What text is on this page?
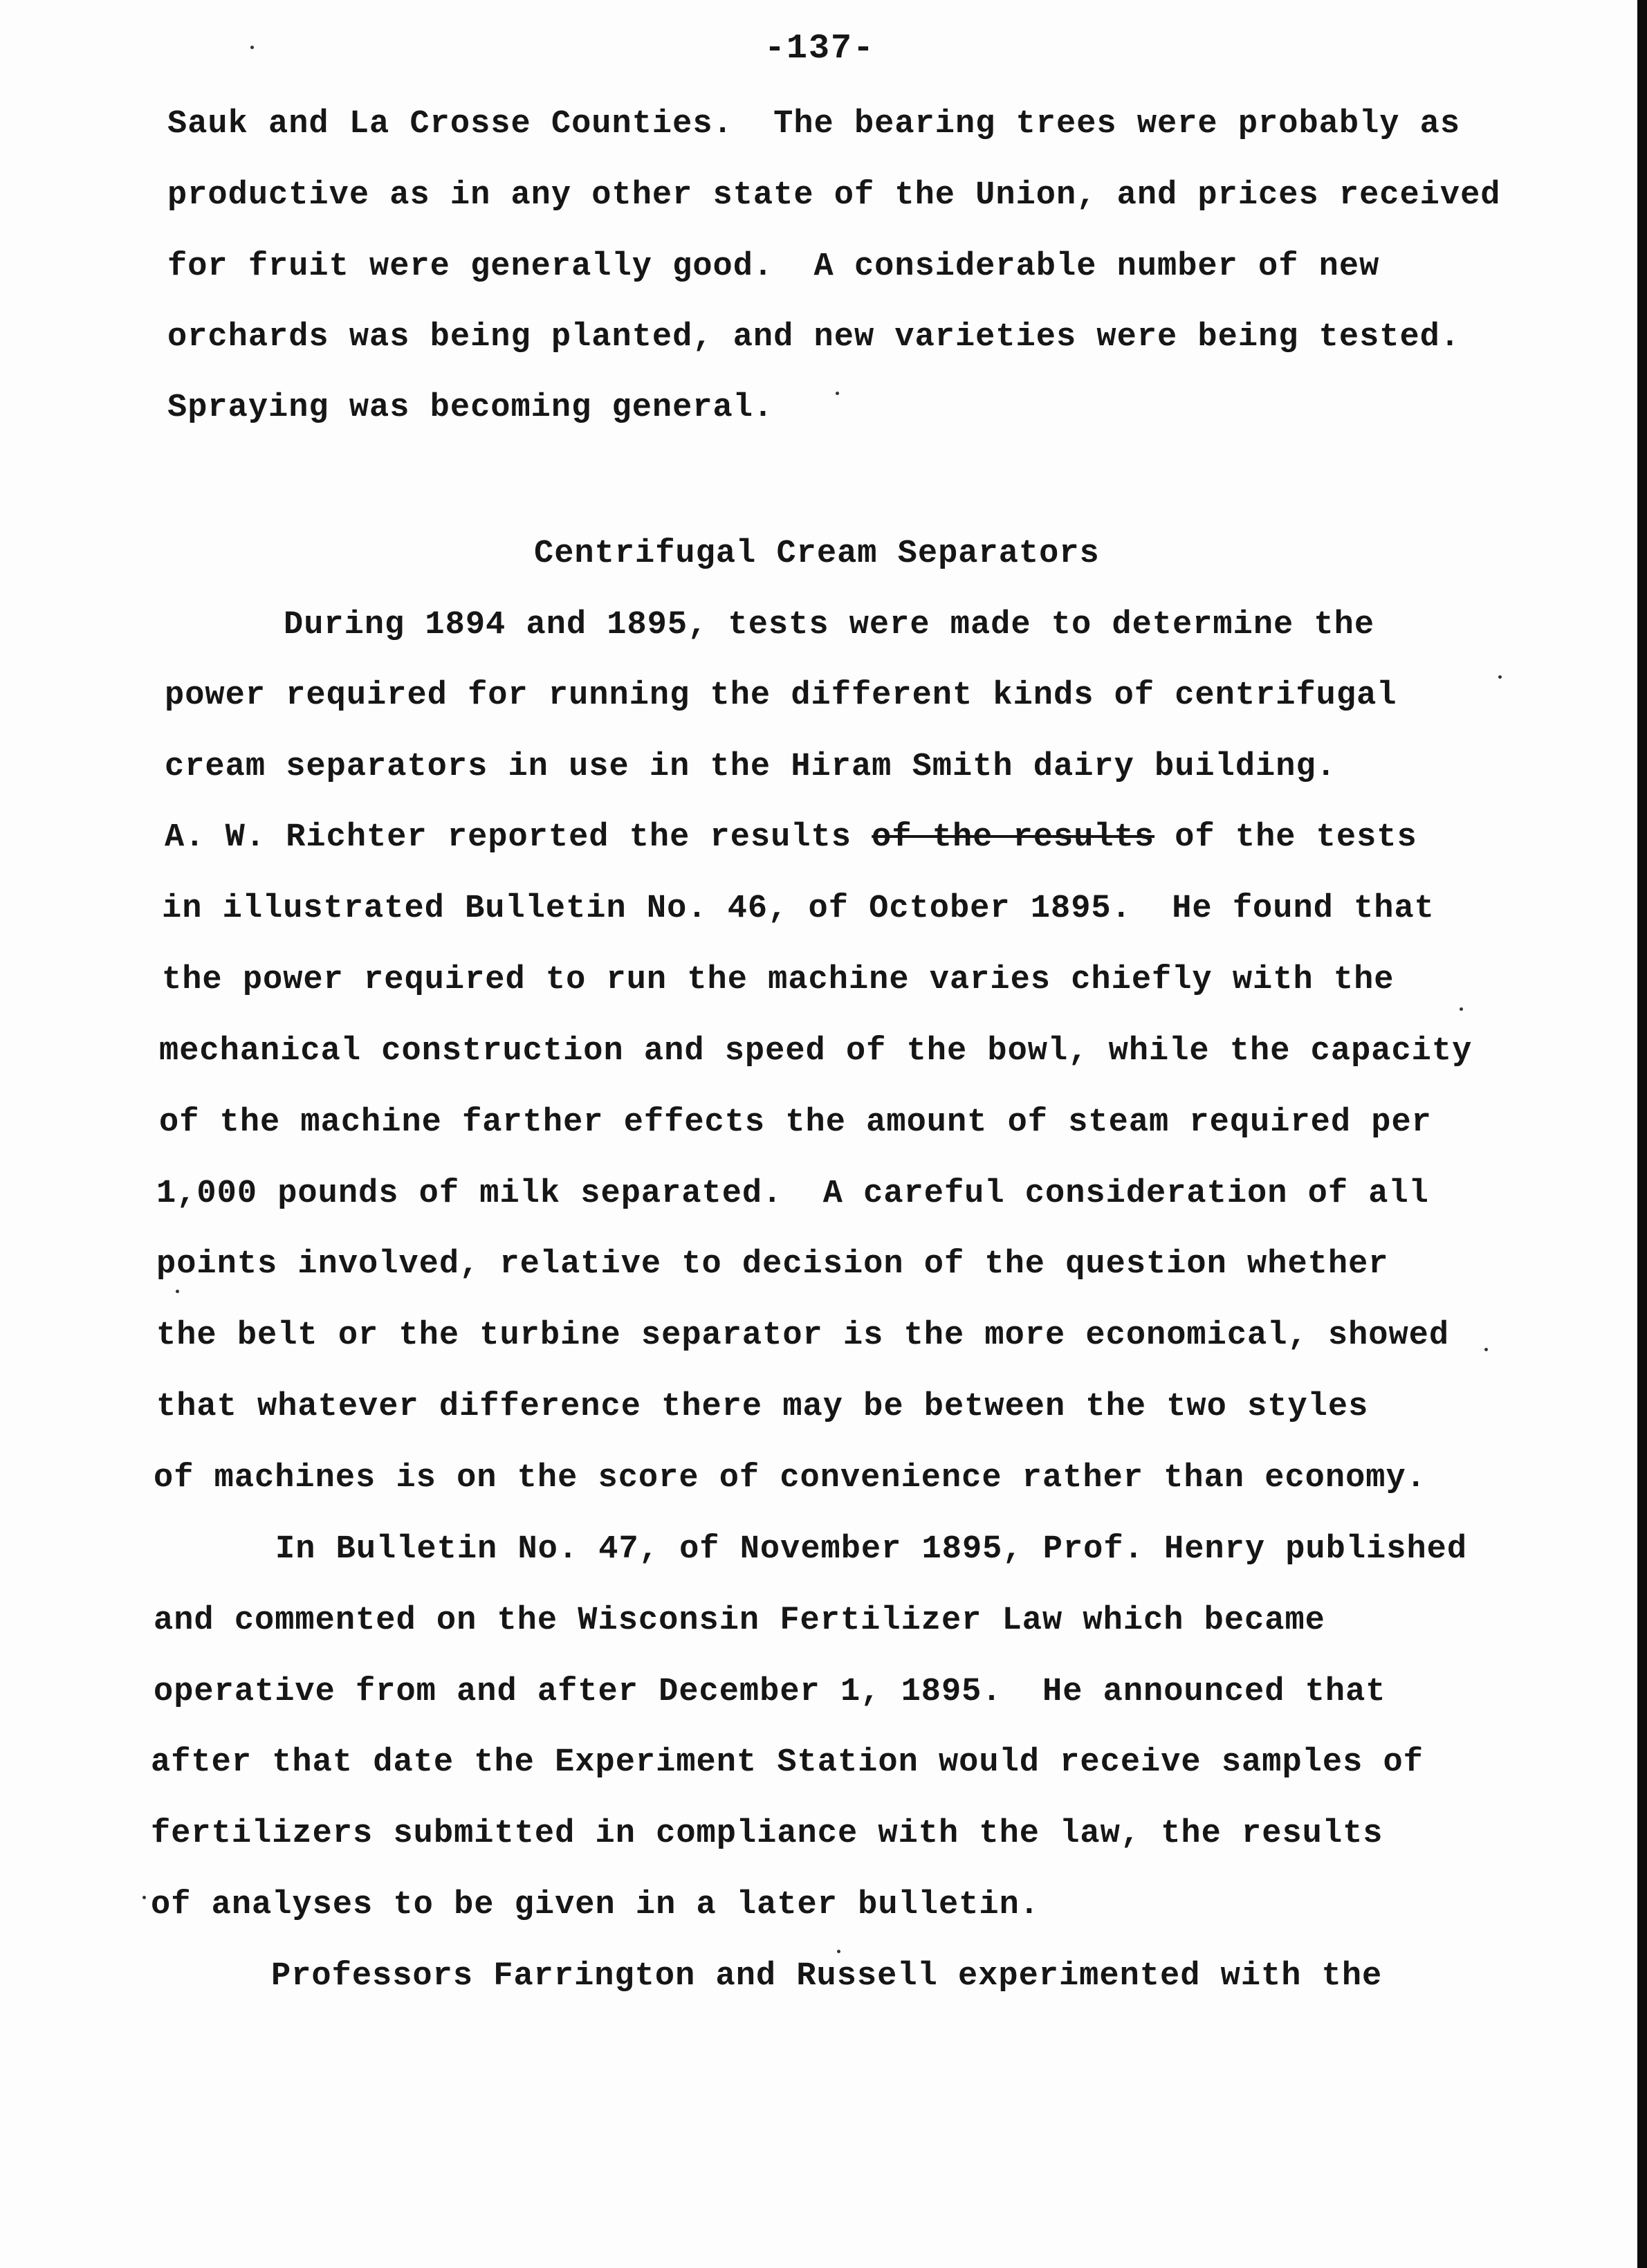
-137-
Sauk and La Crosse Counties.  The bearing trees were probably as
productive as in any other state of the Union, and prices received
for fruit were generally good.  A considerable number of new
orchards was being planted, and new varieties were being tested.
Spraying was becoming general.
Centrifugal Cream Separators
During 1894 and 1895, tests were made to determine the
power required for running the different kinds of centrifugal
cream separators in use in the Hiram Smith dairy building.
A. W. Richter reported the results of the results of the tests
in illustrated Bulletin No. 46, of October 1895.  He found that
the power required to run the machine varies chiefly with the
mechanical construction and speed of the bowl, while the capacity
of the machine farther effects the amount of steam required per
1,000 pounds of milk separated.  A careful consideration of all
points involved, relative to decision of the question whether
the belt or the turbine separator is the more economical, showed
that whatever difference there may be between the two styles
of machines is on the score of convenience rather than economy.
In Bulletin No. 47, of November 1895, Prof. Henry published
and commented on the Wisconsin Fertilizer Law which became
operative from and after December 1, 1895.  He announced that
after that date the Experiment Station would receive samples of
fertilizers submitted in compliance with the law, the results
of analyses to be given in a later bulletin.
Professors Farrington and Russell experimented with the
